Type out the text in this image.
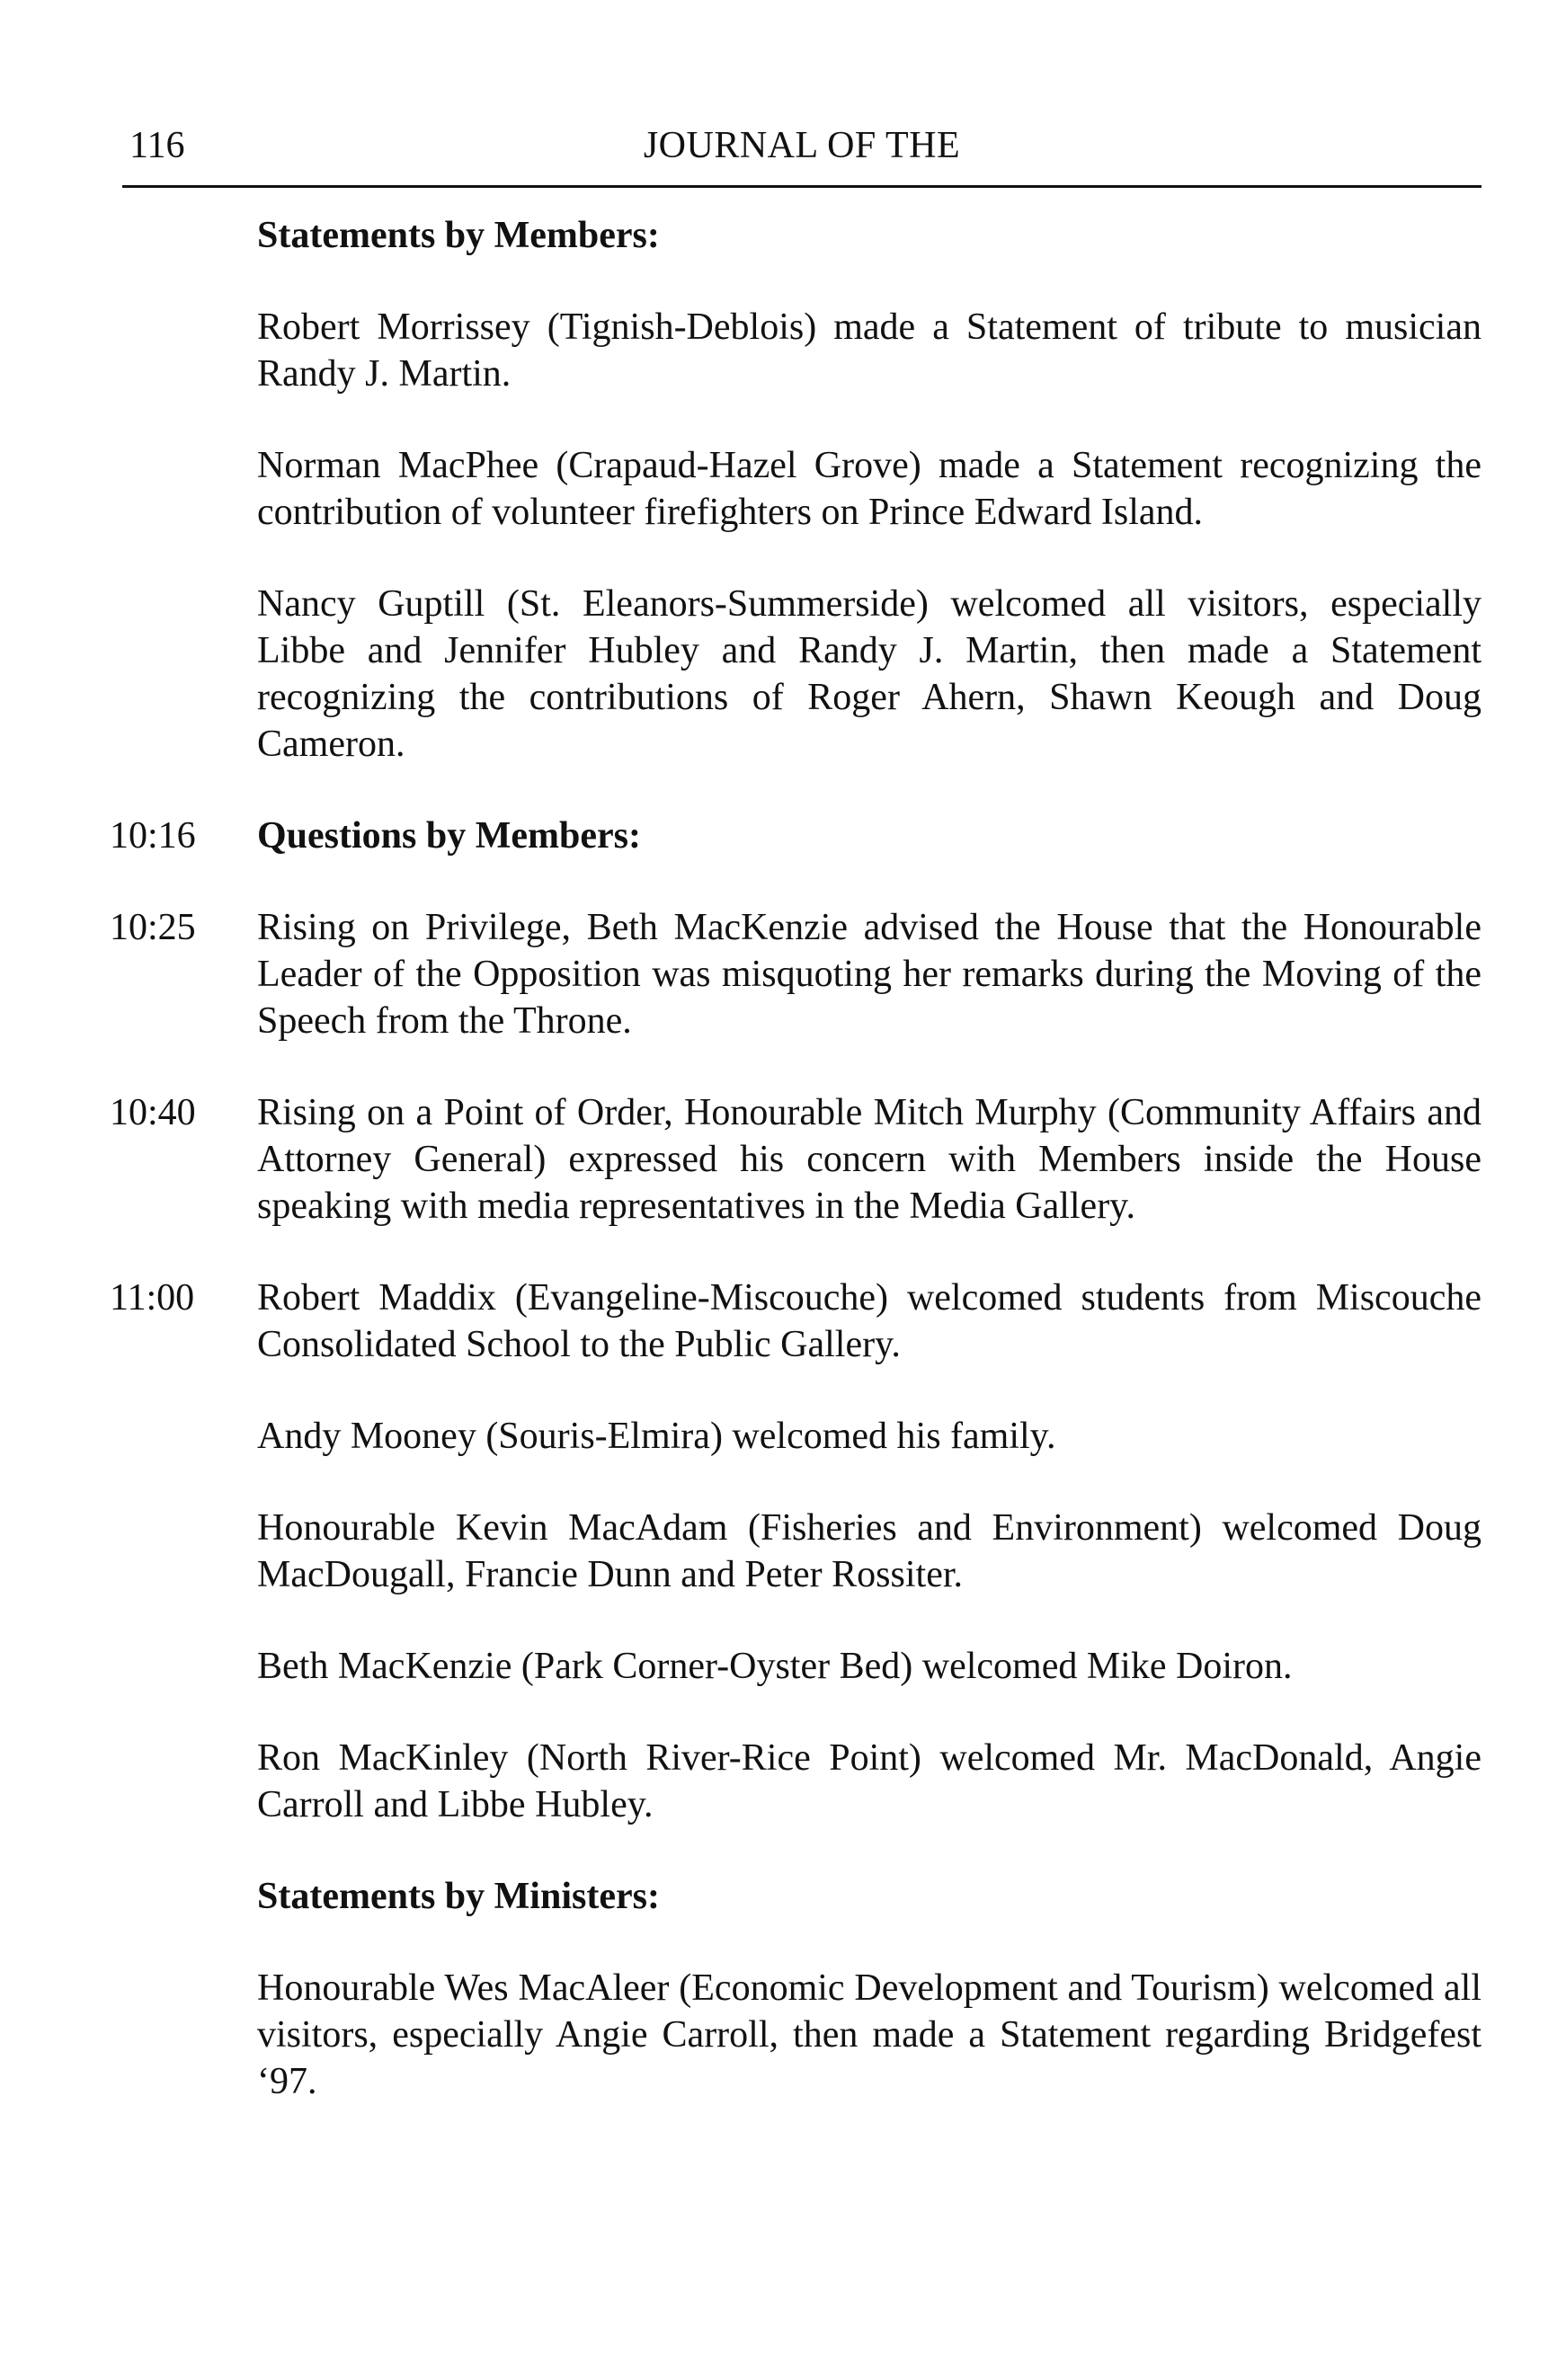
116	JOURNAL OF THE
Statements by Members:
Robert Morrissey (Tignish-Deblois) made a Statement of tribute to musician Randy J. Martin.
Norman MacPhee (Crapaud-Hazel Grove) made a Statement recognizing the contribution of volunteer firefighters on Prince Edward Island.
Nancy Guptill (St. Eleanors-Summerside) welcomed all visitors, especially Libbe and Jennifer Hubley and Randy J. Martin, then made a Statement recognizing the contributions of Roger Ahern, Shawn Keough and Doug Cameron.
10:16 Questions by Members:
10:25 Rising on Privilege, Beth MacKenzie advised the House that the Honourable Leader of the Opposition was misquoting her remarks during the Moving of the Speech from the Throne.
10:40 Rising on a Point of Order, Honourable Mitch Murphy (Community Affairs and Attorney General) expressed his concern with Members inside the House speaking with media representatives in the Media Gallery.
11:00 Robert Maddix (Evangeline-Miscouche) welcomed students from Miscouche Consolidated School to the Public Gallery.
Andy Mooney (Souris-Elmira) welcomed his family.
Honourable Kevin MacAdam (Fisheries and Environment) welcomed Doug MacDougall, Francie Dunn and Peter Rossiter.
Beth MacKenzie (Park Corner-Oyster Bed) welcomed Mike Doiron.
Ron MacKinley (North River-Rice Point) welcomed Mr. MacDonald, Angie Carroll and Libbe Hubley.
Statements by Ministers:
Honourable Wes MacAleer (Economic Development and Tourism) welcomed all visitors, especially Angie Carroll, then made a Statement regarding Bridgefest ‘97.
